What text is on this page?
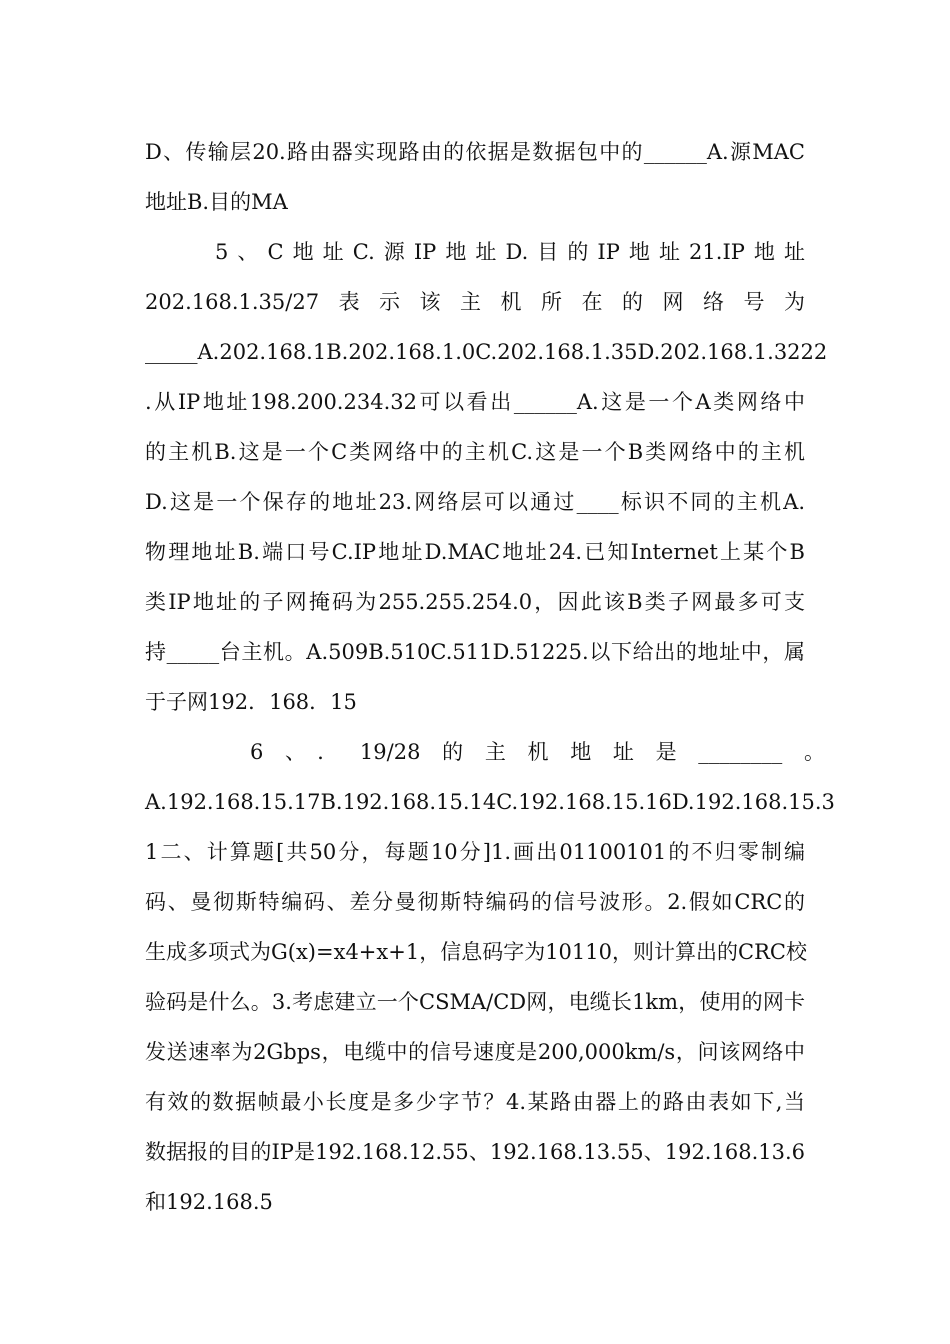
D、传输层20.路由器实现路由的依据是数据包中的______A.源MAC
地址B.目的MA
5、C地址C.源IP地址D.目的IP地址21.IP地址
202.168.1.35/27表示该主机所在的网络号为
_____A.202.168.1B.202.168.1.0C.202.168.1.35D.202.168.1.3222
.从IP地址198.200.234.32可以看出______A.这是一个A类网络中
的主机B.这是一个C类网络中的主机C.这是一个B类网络中的主机
D.这是一个保存的地址23.网络层可以通过____标识不同的主机A.
物理地址B.端口号C.IP地址D.MAC地址24.已知Internet上某个B
类IP地址的子网掩码为255.255.254.0，因此该B类子网最多可支
持_____台主机。A.509B.510C.511D.51225.以下给出的地址中，属
于子网192．168．15
6、．19/28的主机地址是________。
A.192.168.15.17B.192.168.15.14C.192.168.15.16D.192.168.15.3
1二、计算题[共50分，每题10分]1.画出01100101的不归零制编
码、曼彻斯特编码、差分曼彻斯特编码的信号波形。2.假如CRC的
生成多项式为G(x)=x4+x+1，信息码字为10110，则计算出的CRC校
验码是什么。3.考虑建立一个CSMA/CD网，电缆长1km，使用的网卡
发送速率为2Gbps，电缆中的信号速度是200,000km/s，问该网络中
有效的数据帧最小长度是多少字节？4.某路由器上的路由表如下,当
数据报的目的IP是192.168.12.55、192.168.13.55、192.168.13.6
和192.168.5
